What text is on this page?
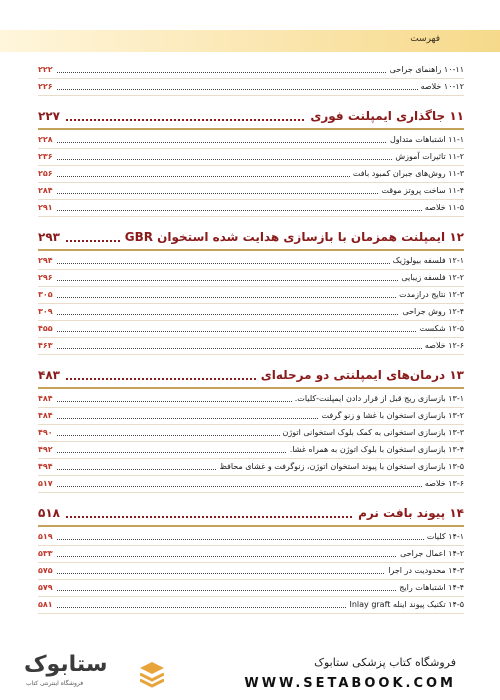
فهرست
۱۰-۱۱ راهنمای جراحی
۲۲۲
۱۰-۱۲ خلاصه
۲۲۶
۱۱ جاگذاری ایمپلنت فوری
۲۲۷
۱۱-۱ اشتباهات متداول
۲۲۸
۱۱-۲ تاثیرات آموزش
۲۳۶
۱۱-۳ روش‌های جبران کمبود بافت
۲۵۶
۱۱-۴ ساخت پروتز موقت
۲۸۴
۱۱-۵ خلاصه
۲۹۱
۱۲ ایمپلنت همزمان با بازسازی هدایت شده استخوان GBR
۲۹۳
۱۲-۱ فلسفه بیولوژیک
۲۹۴
۱۲-۲ فلسفه زیبایی
۲۹۶
۱۲-۳ نتایج درازمدت
۳۰۵
۱۲-۴ روش جراحی
۳۰۹
۱۲-۵ شکست
۴۵۵
۱۲-۶ خلاصه
۴۶۳
۱۳ درمان‌های ایمپلنتی دو مرحله‌ای
۴۸۳
۱۳-۱ بازسازی ریج قبل از قرار دادن ایمپلنت-کلیات.
۴۸۴
۱۳-۲ بازسازی استخوان با غشا و زنو گرفت
۴۸۴
۱۳-۳ بازسازی استخوانی به کمک بلوک استخوانی اتوژن
۴۹۰
۱۳-۴ بازسازی استخوان با بلوک اتوژن به همراه غشا.
۴۹۲
۱۳-۵ بازسازی استخوان با پیوند استخوان اتوژن، زنوگرفت و غشای محافظ
۴۹۴
۱۳-۶ خلاصه
۵۱۷
۱۴ پیوند بافت نرم
۵۱۸
۱۴-۱ کلیات
۵۱۹
۱۴-۲ اعمال جراحی
۵۳۳
۱۴-۳ محدودیت در اجرا
۵۷۵
۱۴-۴ اشتباهات رایج
۵۷۹
۱۴-۵ تکنیک پیوند اینله Inlay graft
۵۸۱
ستابوک
فروشگاه اینترنتی کتاب
فروشگاه کتاب پزشکی ستابوک
WWW.SETABOOK.COM
